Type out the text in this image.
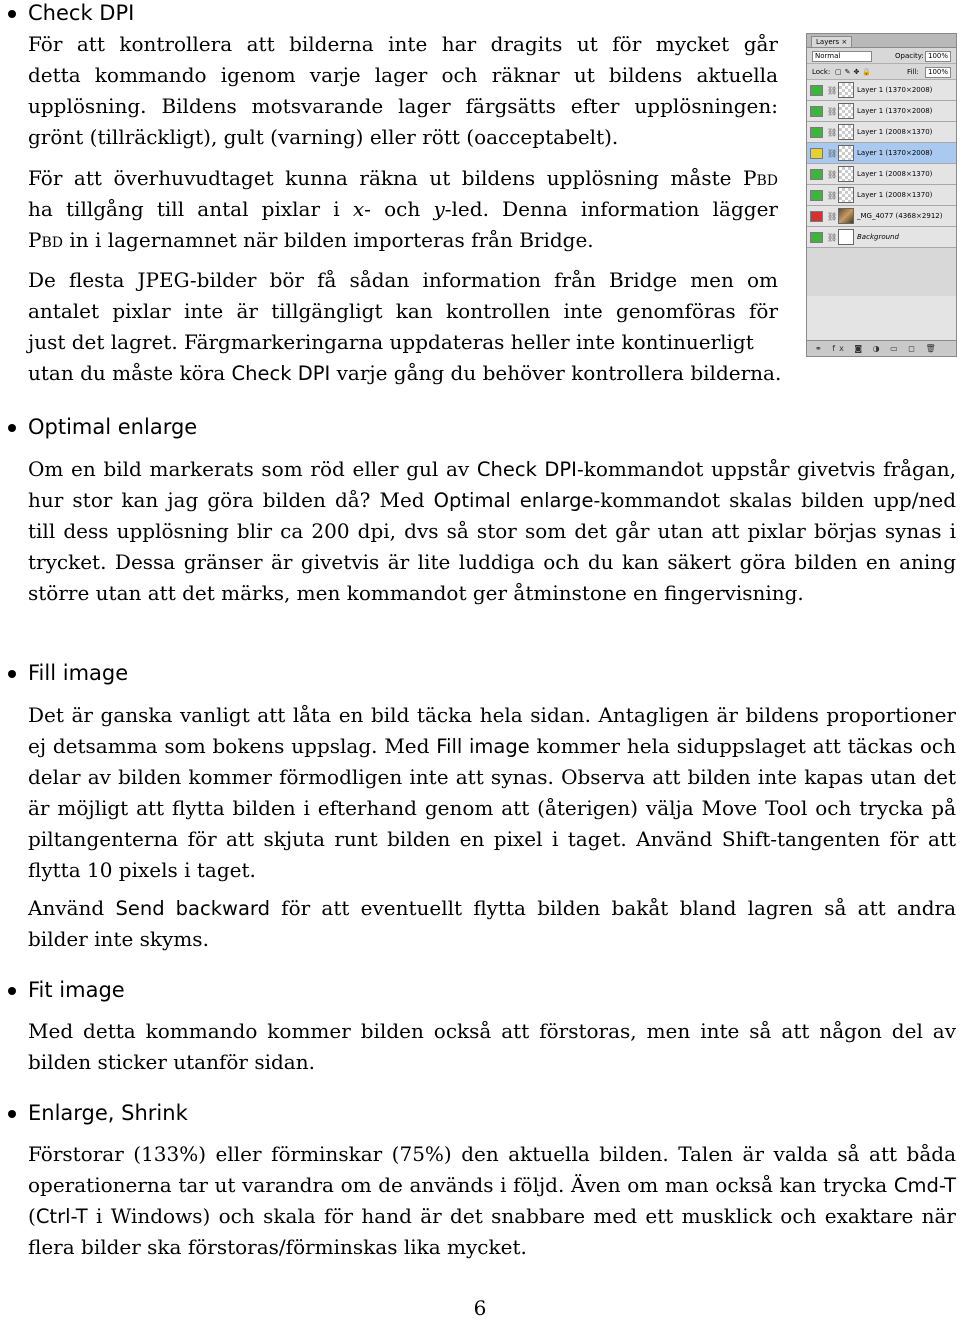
Check DPI
För att kontrollera att bilderna inte har dragits ut för mycket går
detta kommando igenom varje lager och räknar ut bildens aktuella
upplösning. Bildens motsvarande lager färgsätts efter upplösningen:
grönt (tillräckligt), gult (varning) eller rött (oacceptabelt).
För att överhuvudtaget kunna räkna ut bildens upplösning måste Pbd
ha tillgång till antal pixlar i x- och y-led. Denna information lägger
Pbd in i lagernamnet när bilden importeras från Bridge.
De flesta JPEG-bilder bör få sådan information från Bridge men om
antalet pixlar inte är tillgängligt kan kontrollen inte genomföras för
just det lagret. Färgmarkeringarna uppdateras heller inte kontinuerligt
utan du måste köra Check DPI varje gång du behöver kontrollera bilderna.
Layers ×
Normal	Opacity: 100%
Lock: ▢✎✥🔒	Fill:	100%
⛓	Layer 1 (1370×2008)
⛓	Layer 1 (1370×2008)
⛓	Layer 1 (2008×1370)
⛓	Layer 1 (1370×2008)
⛓	Layer 1 (2008×1370)
⛓	Layer 1 (2008×1370)
⛓	_MG_4077 (4368×2912)
⛓	Background
⚭ fx ◙ ◑ ▭ ◻ 🗑
Optimal enlarge

Om en bild markerats som röd eller gul av Check DPI-kommandot uppstår givetvis frågan, hur stor kan jag göra bilden då? Med Optimal enlarge-kommandot skalas bilden upp/ned till dess upplösning blir ca 200 dpi, dvs så stor som det går utan att pixlar börjas synas i trycket. Dessa gränser är givetvis är lite luddiga och du kan säkert göra bilden en aning större utan att det märks, men kommandot ger åtminstone en fingervisning.

Fill image

Det är ganska vanligt att låta en bild täcka hela sidan. Antagligen är bildens proportioner ej detsamma som bokens uppslag. Med Fill image kommer hela siduppslaget att täckas och delar av bilden kommer förmodligen inte att synas. Observa att bilden inte kapas utan det är möjligt att flytta bilden i efterhand genom att (återigen) välja Move Tool och trycka på piltangenterna för att skjuta runt bilden en pixel i taget. Använd Shift-tangenten för att flytta 10 pixels i taget.

Använd Send backward för att eventuellt flytta bilden bakåt bland lagren så att andra bilder inte skyms.

Fit image

Med detta kommando kommer bilden också att förstoras, men inte så att någon del av bilden sticker utanför sidan.

Enlarge, Shrink

Förstorar (133%) eller förminskar (75%) den aktuella bilden. Talen är valda så att båda operationerna tar ut varandra om de används i följd. Även om man också kan trycka Cmd-T (Ctrl-T i Windows) och skala för hand är det snabbare med ett musklick och exaktare när flera bilder ska förstoras/förminskas lika mycket.

6
